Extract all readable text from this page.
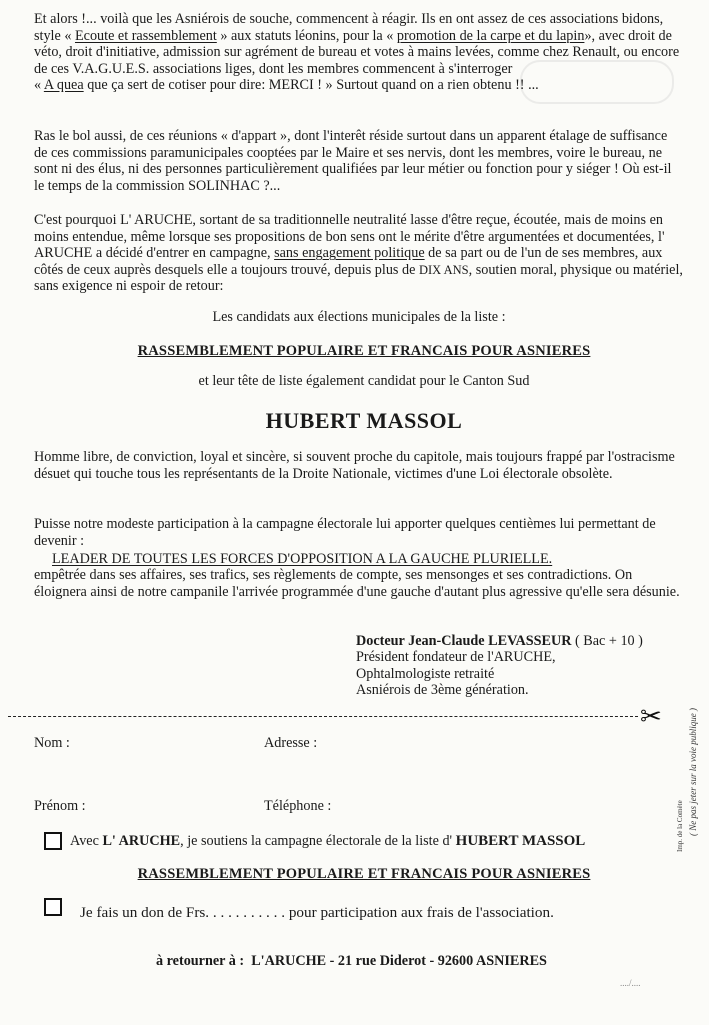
Et alors !... voilà que les Asniérois de souche, commencent à réagir. Ils en ont assez de ces associations bidons, style « Ecoute et rassemblement » aux statuts léonins, pour la « promotion de la carpe et du lapin», avec droit de véto, droit d'initiative, admission sur agrément de bureau et votes à mains levées, comme chez Renault, ou encore de ces V.A.G.U.E.S. associations liges, dont les membres commencent à s'interroger
« A quea que ça sert de cotiser pour dire: MERCI ! » Surtout quand on a rien obtenu !! ...

Ras le bol aussi, de ces réunions « d'appart », dont l'interêt réside surtout dans un apparent étalage de suffisance de ces commissions paramunicipales cooptées par le Maire et ses nervis, dont les membres, voire le bureau, ne sont ni des élus, ni des personnes particulièrement qualifiées par leur métier ou fonction pour y siéger ! Où est-il le temps de la commission SOLINHAC ?...

C'est pourquoi L' ARUCHE, sortant de sa traditionnelle neutralité lasse d'être reçue, écoutée, mais de moins en moins entendue, même lorsque ses propositions de bon sens ont le mérite d'être argumentées et documentées, l' ARUCHE a décidé d'entrer en campagne, sans engagement politique de sa part ou de l'un de ses membres, aux côtés de ceux auprès desquels elle a toujours trouvé, depuis plus de DIX ANS, soutien moral, physique ou matériel, sans exigence ni espoir de retour:

Les candidats aux élections municipales de la liste :
RASSEMBLEMENT POPULAIRE ET FRANCAIS POUR ASNIERES
et leur tête de liste également candidat pour le Canton Sud
HUBERT MASSOL

Homme libre, de conviction, loyal et sincère, si souvent proche du capitole, mais toujours frappé par l'ostracisme désuet qui touche tous les représentants de la Droite Nationale, victimes d'une Loi électorale obsolète.

Puisse notre modeste participation à la campagne électorale lui apporter quelques centièmes lui permettant de devenir :

LEADER DE TOUTES LES FORCES D'OPPOSITION A LA GAUCHE PLURIELLE.

empêtrée dans ses affaires, ses trafics, ses règlements de compte, ses mensonges et ses contradictions. On éloignera ainsi de notre campanile l'arrivée programmée d'une gauche d'autant plus agressive qu'elle sera désunie.

Docteur Jean-Claude LEVASSEUR ( Bac + 10 )
Président fondateur de l'ARUCHE,
Ophtalmologiste retraité
Asniérois de 3ème génération.
✂
Nom :	Adresse :
Prénom :	Téléphone :
Avec L' ARUCHE, je soutiens la campagne électorale de la liste d' HUBERT MASSOL
RASSEMBLEMENT POPULAIRE ET FRANCAIS POUR ASNIERES
Je fais un don de Frs. . . . . . . . . . . pour participation aux frais de l'association.
à retourner à : L'ARUCHE - 21 rue Diderot - 92600 ASNIERES
Imp. de la Comète ( Ne pas jeter sur la voie publique )
..../....
